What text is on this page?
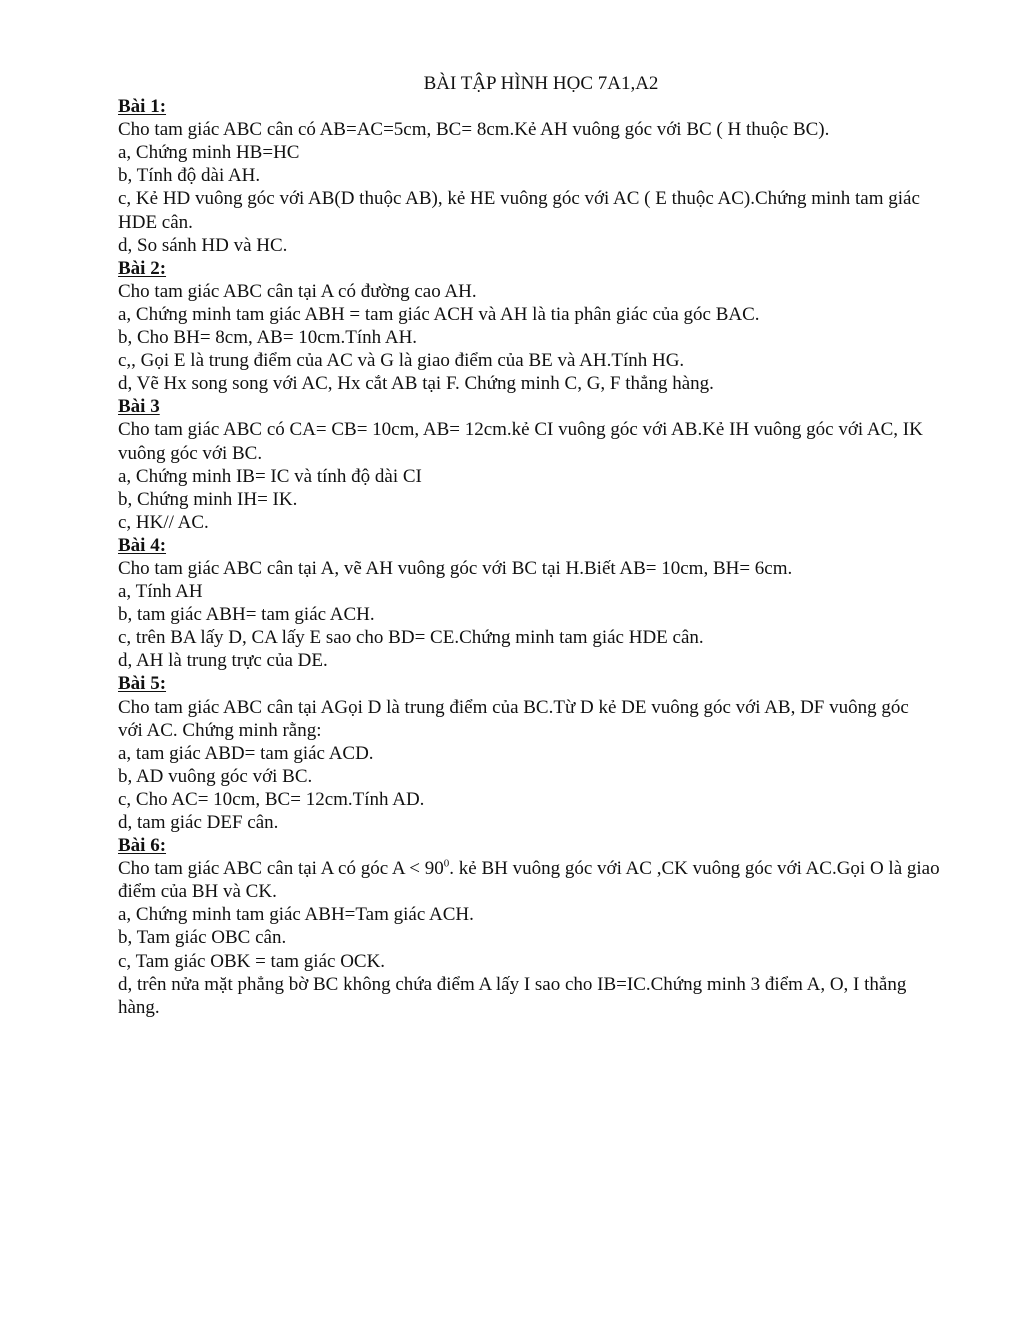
BÀI TẬP HÌNH HỌC 7A1,A2
Bài 1:
Cho tam giác ABC cân có AB=AC=5cm, BC= 8cm.Kẻ AH vuông góc với BC ( H thuộc BC).
a, Chứng minh HB=HC
b, Tính độ dài AH.
c, Kẻ HD vuông góc với AB(D thuộc AB), kẻ HE vuông góc với AC ( E thuộc AC).Chứng minh tam giác HDE cân.
d, So sánh HD và HC.
Bài 2:
Cho tam giác ABC cân tại A có đường cao AH.
a, Chứng minh tam giác ABH = tam giác ACH và AH là tia phân giác của góc BAC.
b, Cho BH= 8cm, AB= 10cm.Tính AH.
c,, Gọi E là trung điểm của AC và G là giao điểm của BE và AH.Tính HG.
d, Vẽ Hx song song với AC, Hx cắt AB tại F. Chứng minh C, G, F thẳng hàng.
Bài 3
Cho tam giác ABC có CA= CB= 10cm, AB= 12cm.kẻ CI vuông góc với AB.Kẻ IH vuông góc với AC, IK vuông góc với BC.
a, Chứng minh IB= IC và tính độ dài CI
b, Chứng minh IH= IK.
c, HK// AC.
Bài 4:
Cho tam giác ABC cân tại A, vẽ AH vuông góc với BC tại H.Biết AB= 10cm, BH= 6cm.
a, Tính AH
b, tam giác ABH= tam giác ACH.
c, trên BA lấy D, CA lấy E sao cho BD= CE.Chứng minh tam giác HDE cân.
d, AH là trung trực của DE.
Bài 5:
Cho tam giác ABC cân tại AGọi D là trung điểm của BC.Từ D kẻ DE vuông góc với AB, DF vuông góc với AC. Chứng minh rằng:
a, tam giác ABD= tam giác ACD.
b, AD vuông góc với BC.
c, Cho AC= 10cm, BC= 12cm.Tính AD.
d, tam giác DEF cân.
Bài 6:
Cho tam giác ABC cân tại A có góc $A < 90^0$. kẻ BH vuông góc với AC ,CK vuông góc với AC.Gọi O là giao điểm của BH và CK.
a, Chứng minh tam giác ABH=Tam giác ACH.
b, Tam giác OBC cân.
c, Tam giác OBK = tam giác OCK.
d, trên nửa mặt phẳng bờ BC không chứa điểm A lấy I sao cho IB=IC.Chứng minh 3 điểm A, O, I thẳng hàng.
